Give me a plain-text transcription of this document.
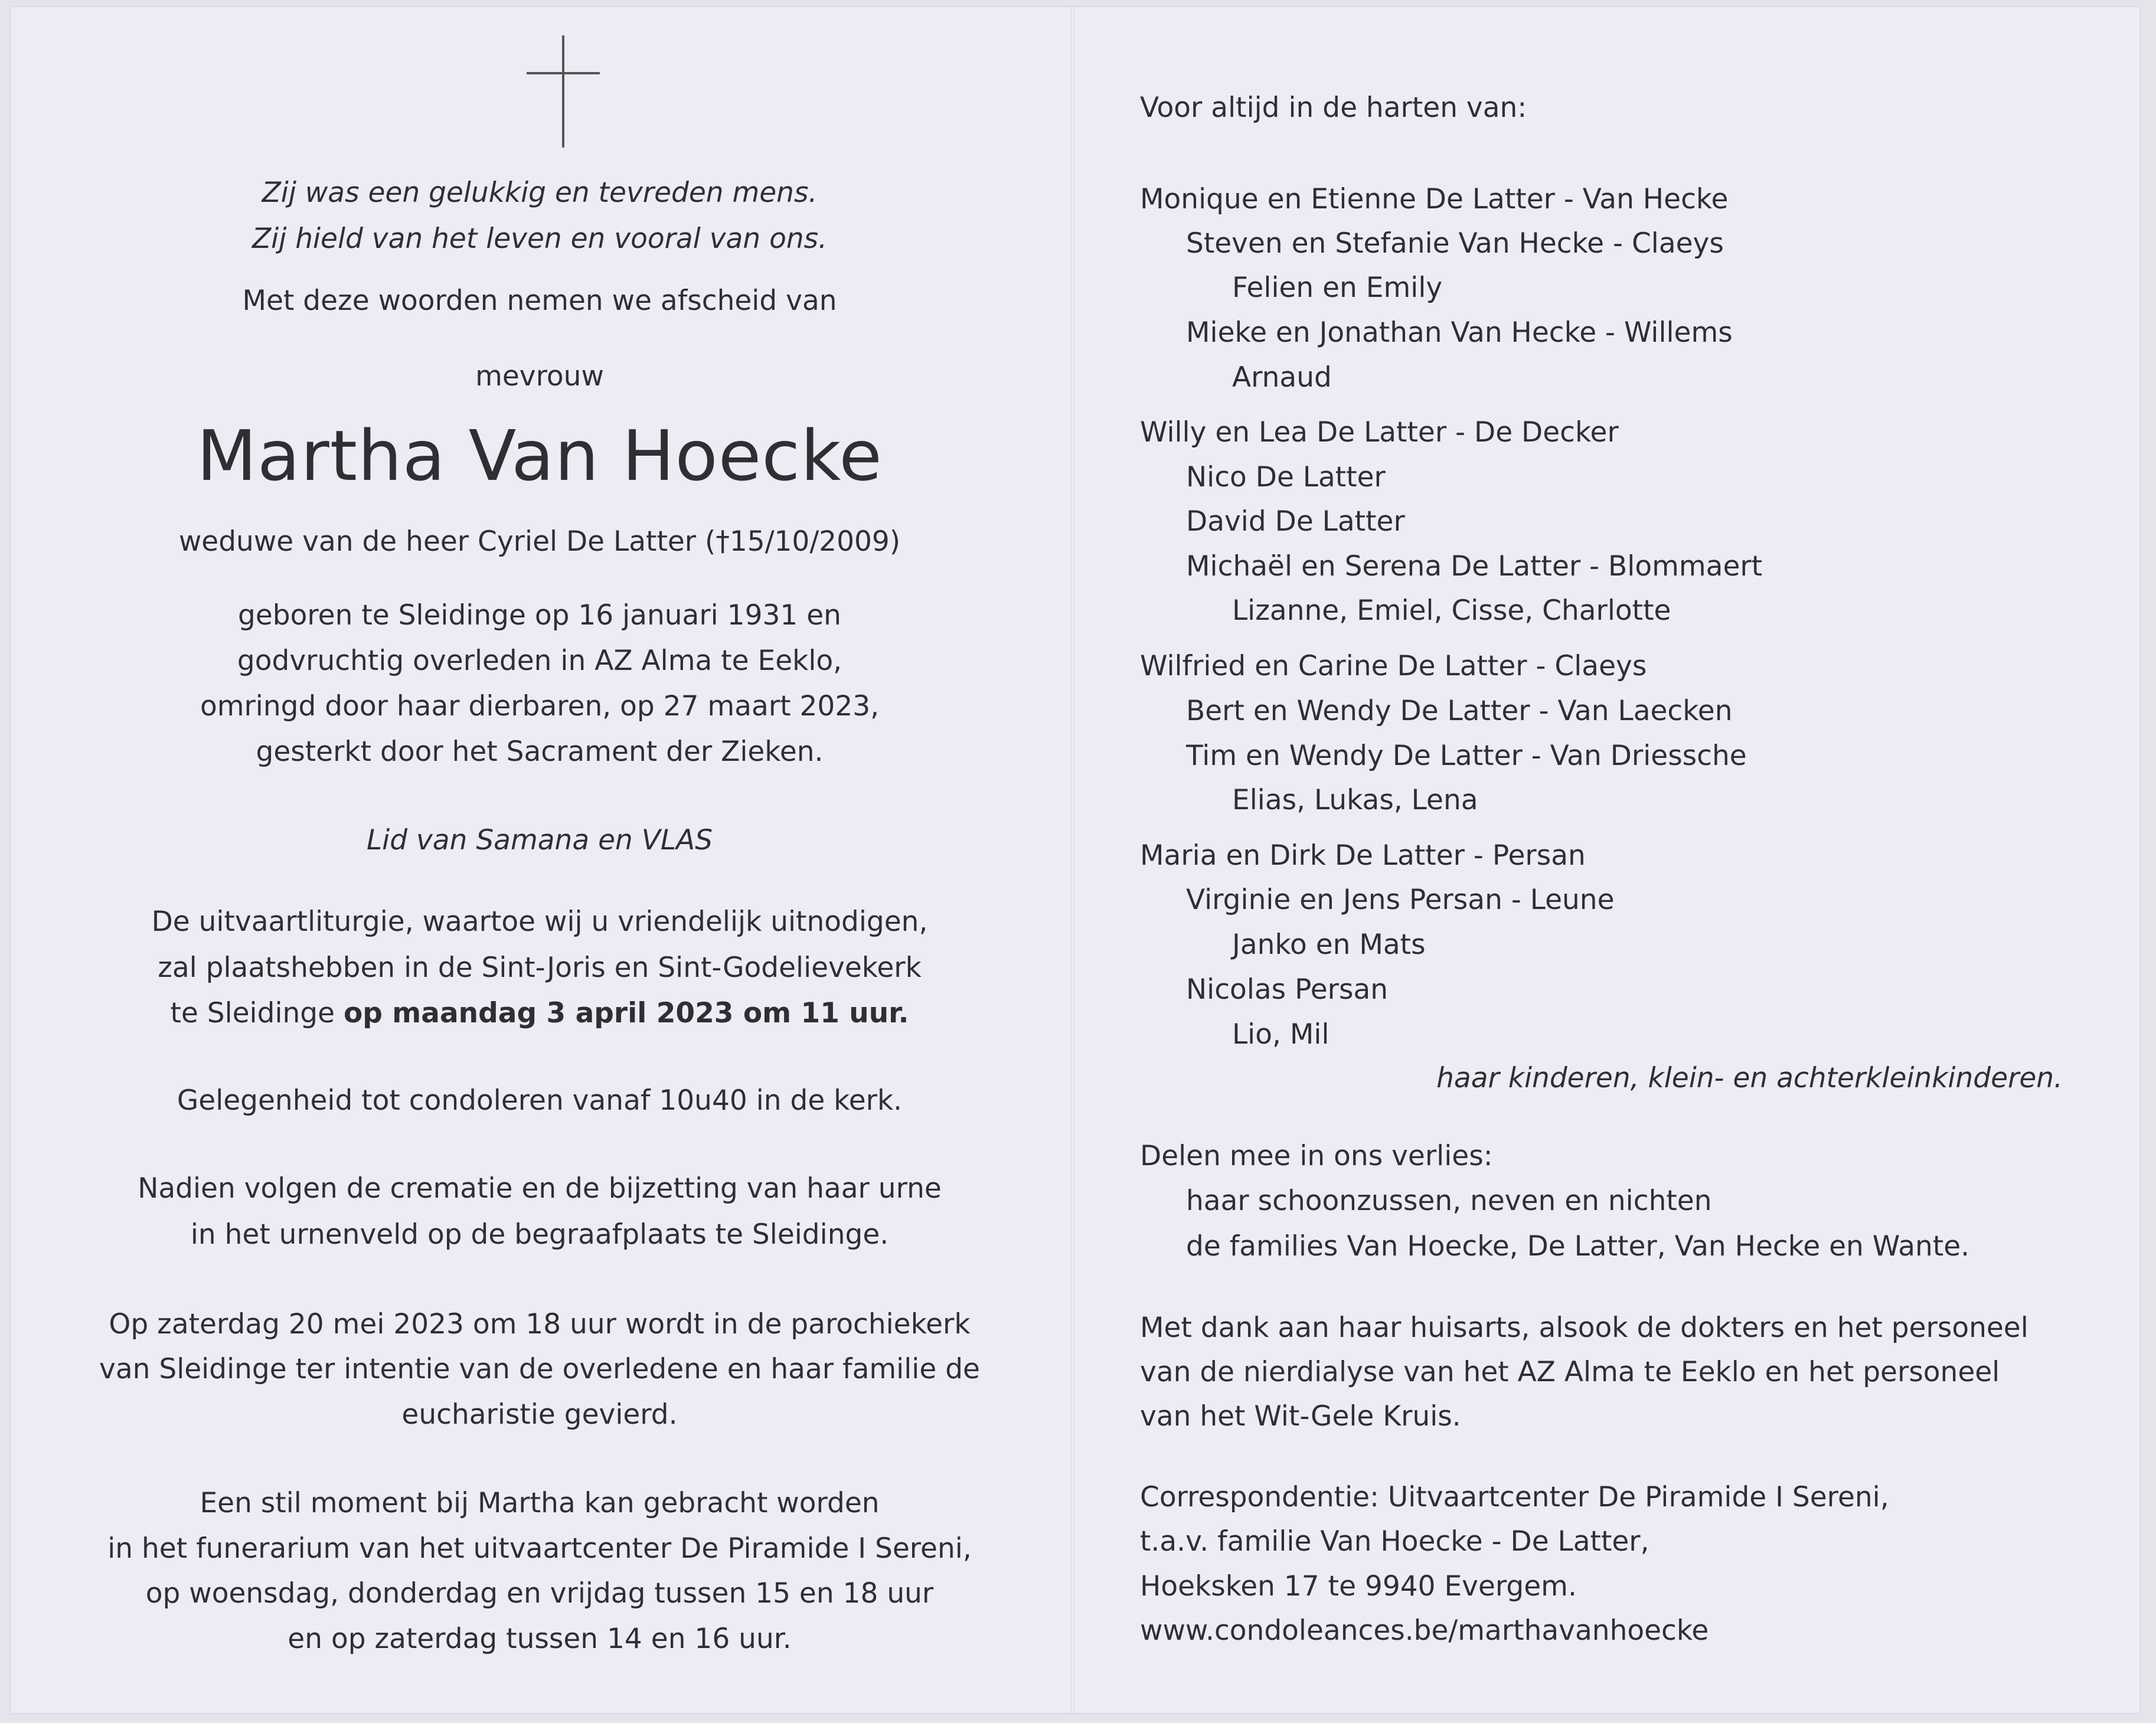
Zij was een gelukkig en tevreden mens.
Zij hield van het leven en vooral van ons.
Met deze woorden nemen we afscheid van
mevrouw
Martha Van Hoecke
weduwe van de heer Cyriel De Latter (†15/10/2009)
geboren te Sleidinge op 16 januari 1931 en
godvruchtig overleden in AZ Alma te Eeklo,
omringd door haar dierbaren, op 27 maart 2023,
gesterkt door het Sacrament der Zieken.
Lid van Samana en VLAS
De uitvaartliturgie, waartoe wij u vriendelijk uitnodigen,
zal plaatshebben in de Sint-Joris en Sint-Godelievekerk
te Sleidinge op maandag 3 april 2023 om 11 uur.
Gelegenheid tot condoleren vanaf 10u40 in de kerk.
Nadien volgen de crematie en de bijzetting van haar urne
in het urnenveld op de begraafplaats te Sleidinge.
Op zaterdag 20 mei 2023 om 18 uur wordt in de parochiekerk
van Sleidinge ter intentie van de overledene en haar familie de
eucharistie gevierd.
Een stil moment bij Martha kan gebracht worden
in het funerarium van het uitvaartcenter De Piramide I Sereni,
op woensdag, donderdag en vrijdag tussen 15 en 18 uur
en op zaterdag tussen 14 en 16 uur.
Voor altijd in de harten van:
Monique en Etienne De Latter - Van Hecke
Steven en Stefanie Van Hecke - Claeys
Felien en Emily
Mieke en Jonathan Van Hecke - Willems
Arnaud
Willy en Lea De Latter - De Decker
Nico De Latter
David De Latter
Michaël en Serena De Latter - Blommaert
Lizanne, Emiel, Cisse, Charlotte
Wilfried en Carine De Latter - Claeys
Bert en Wendy De Latter - Van Laecken
Tim en Wendy De Latter - Van Driessche
Elias, Lukas, Lena
Maria en Dirk De Latter - Persan
Virginie en Jens Persan - Leune
Janko en Mats
Nicolas Persan
Lio, Mil
haar kinderen, klein- en achterkleinkinderen.
Delen mee in ons verlies:
haar schoonzussen, neven en nichten
de families Van Hoecke, De Latter, Van Hecke en Wante.
Met dank aan haar huisarts, alsook de dokters en het personeel
van de nierdialyse van het AZ Alma te Eeklo en het personeel
van het Wit-Gele Kruis.
Correspondentie: Uitvaartcenter De Piramide I Sereni,
t.a.v. familie Van Hoecke - De Latter,
Hoeksken 17 te 9940 Evergem.
www.condoleances.be/marthavanhoecke
